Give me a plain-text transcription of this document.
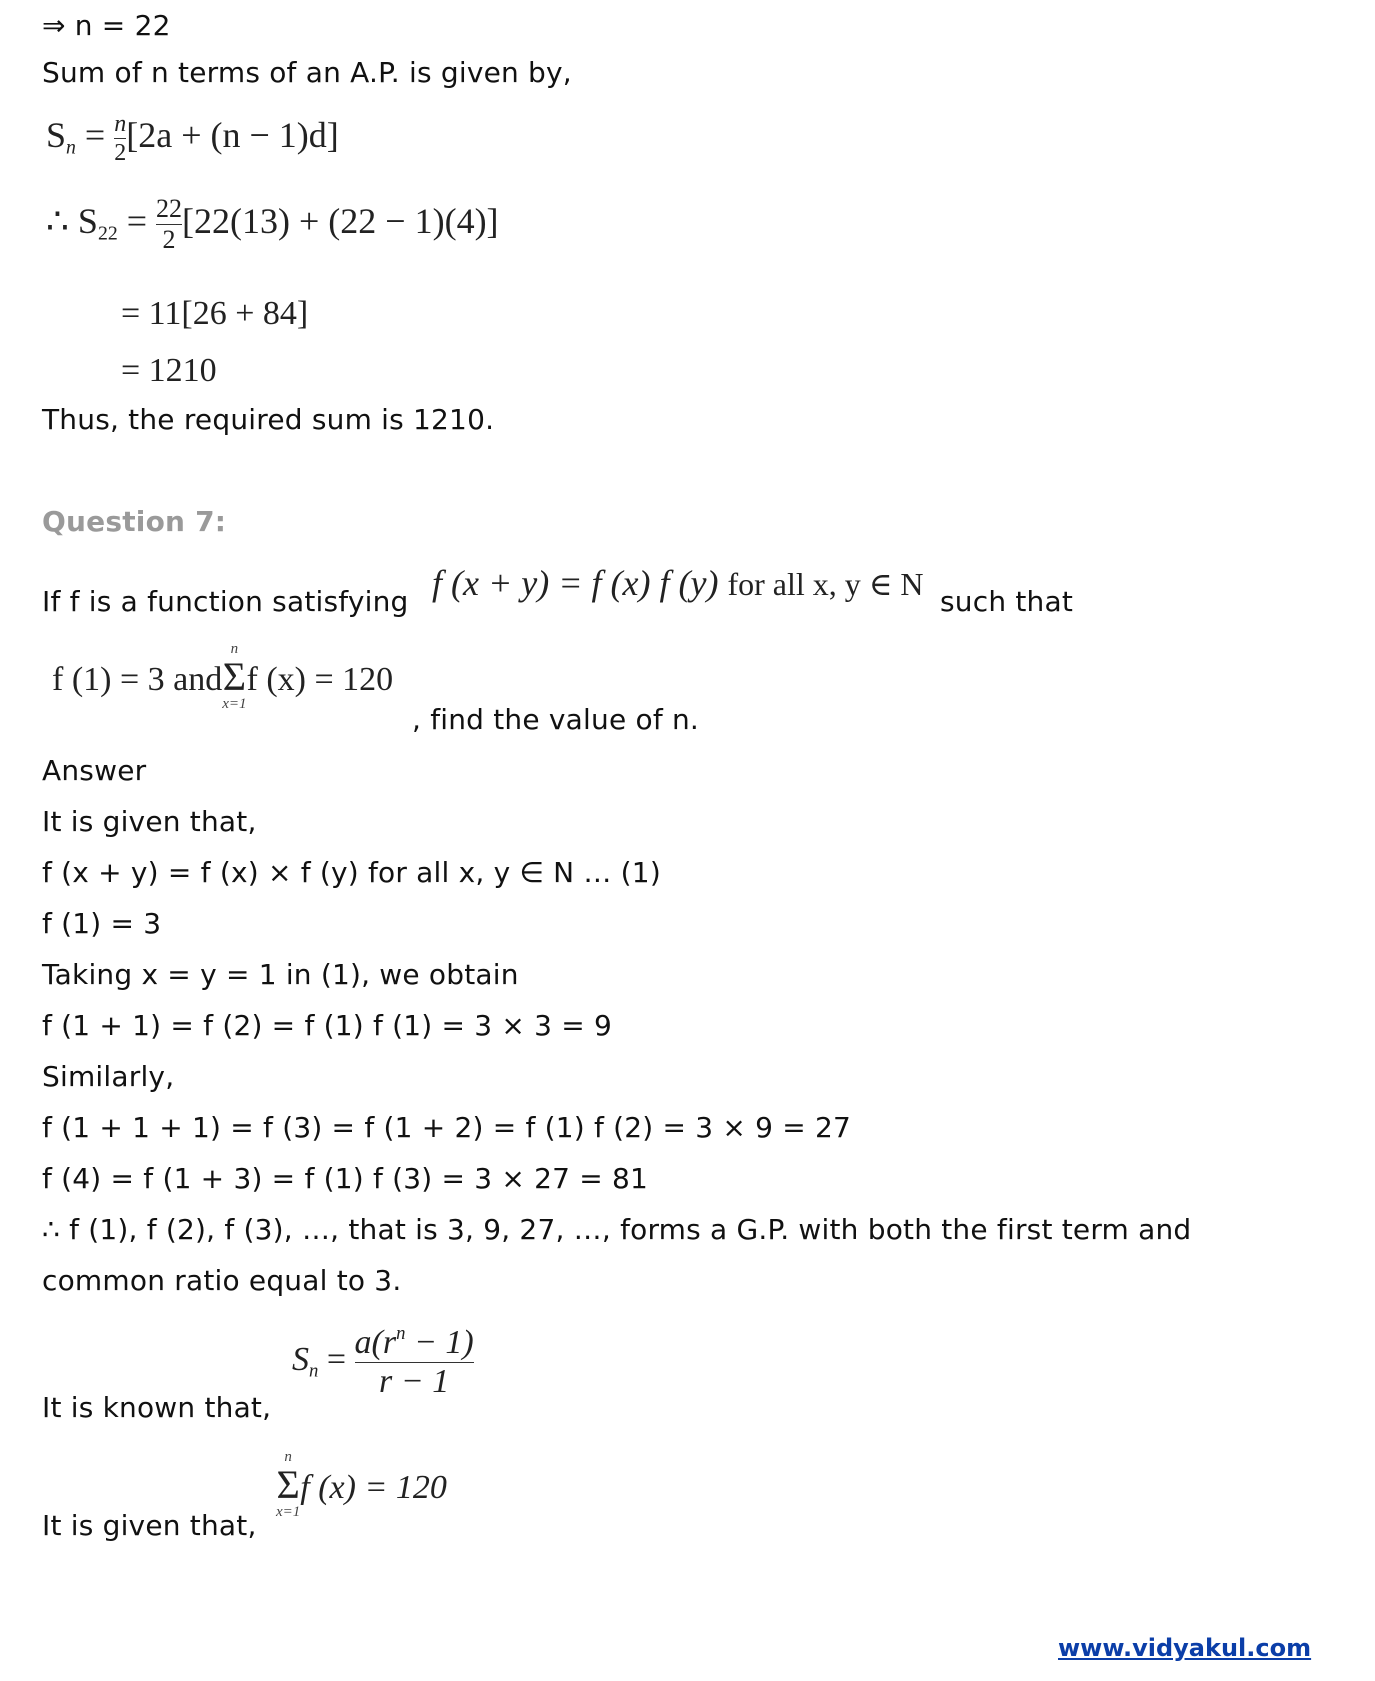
⇒ n = 22
Sum of n terms of an A.P. is given by,
$S_n = \frac{n}{2} [2a + (n - 1)d]$
∴ $S_{22} = \frac{22}{2} [22(13) + (22 - 1)(4)]$
= 11[26 + 84]
= 1210
Thus, the required sum is 1210.
Question 7:
If f is a function satisfying f (x + y) = f (x) f (y) for all x, y ∈ N such that
f (1) = 3 and
n
Σ
x=1
f (x) = 120
, find the value of n.
Answer
It is given that,
f (x + y) = f (x) × f (y) for all x, y ∈ N … (1)
f (1) = 3
Taking x = y = 1 in (1), we obtain
f (1 + 1) = f (2) = f (1) f (1) = 3 × 3 = 9
Similarly,
f (1 + 1 + 1) = f (3) = f (1 + 2) = f (1) f (2) = 3 × 9 = 27
f (4) = f (1 + 3) = f (1) f (3) = 3 × 27 = 81
∴ f (1), f (2), f (3), …, that is 3, 9, 27, …, forms a G.P. with both the first term and
common ratio equal to 3.
It is known that,
$S_n = \frac{a(r^n - 1)}{r - 1}$
It is given that,
n
Σ
x=1
f (x) = 120
www.vidyakul.com
